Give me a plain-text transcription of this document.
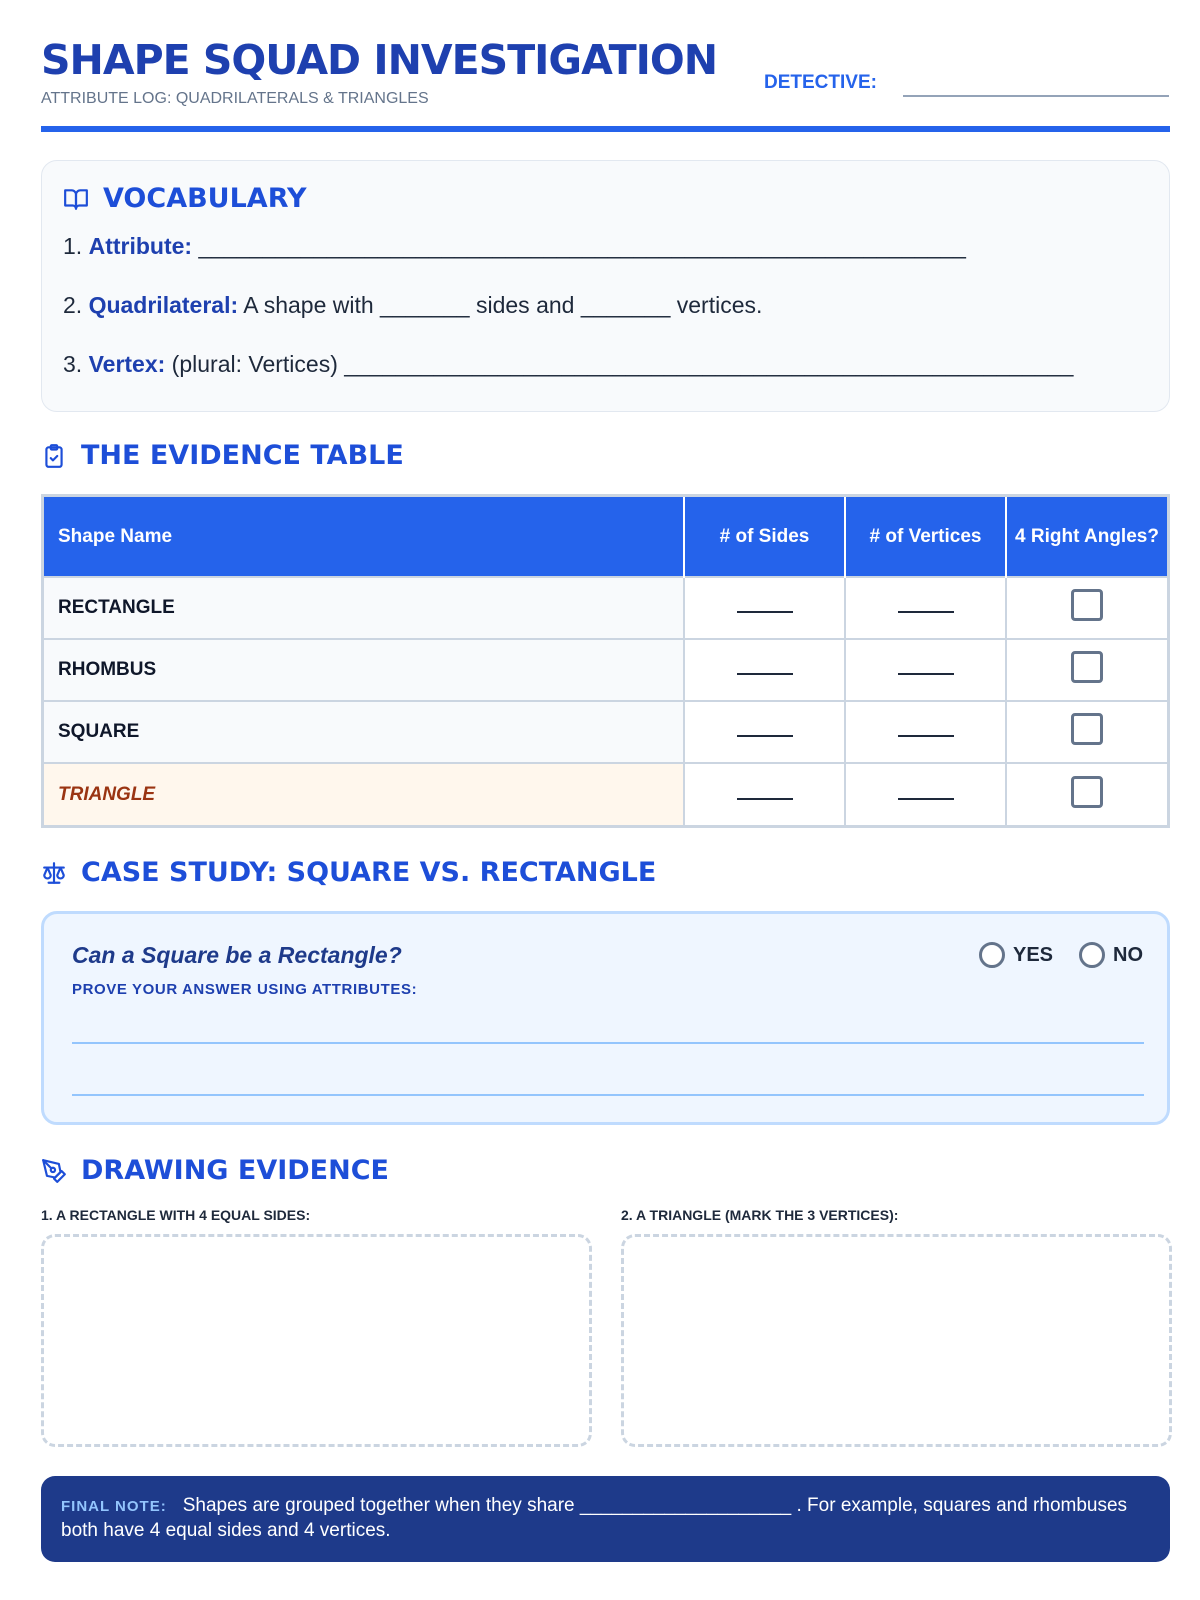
SHAPE SQUAD INVESTIGATION
ATTRIBUTE LOG: QUADRILATERALS & TRIANGLES
DETECTIVE:
VOCABULARY
1. Attribute: ____________________________________________________________
2. Quadrilateral: A shape with _______ sides and _______ vertices.
3. Vertex: (plural: Vertices) _________________________________________________________
THE EVIDENCE TABLE
Shape Name	# of Sides	# of Vertices	4 Right Angles?
RECTANGLE			
RHOMBUS			
SQUARE			
TRIANGLE			
CASE STUDY: SQUARE VS. RECTANGLE
Can a Square be a Rectangle?
PROVE YOUR ANSWER USING ATTRIBUTES:
YES	NO
DRAWING EVIDENCE
1. A RECTANGLE WITH 4 EQUAL SIDES:	2. A TRIANGLE (MARK THE 3 VERTICES):
FINAL NOTE: Shapes are grouped together when they share ____________________ . For example, squares and rhombuses both have 4 equal sides and 4 vertices.
